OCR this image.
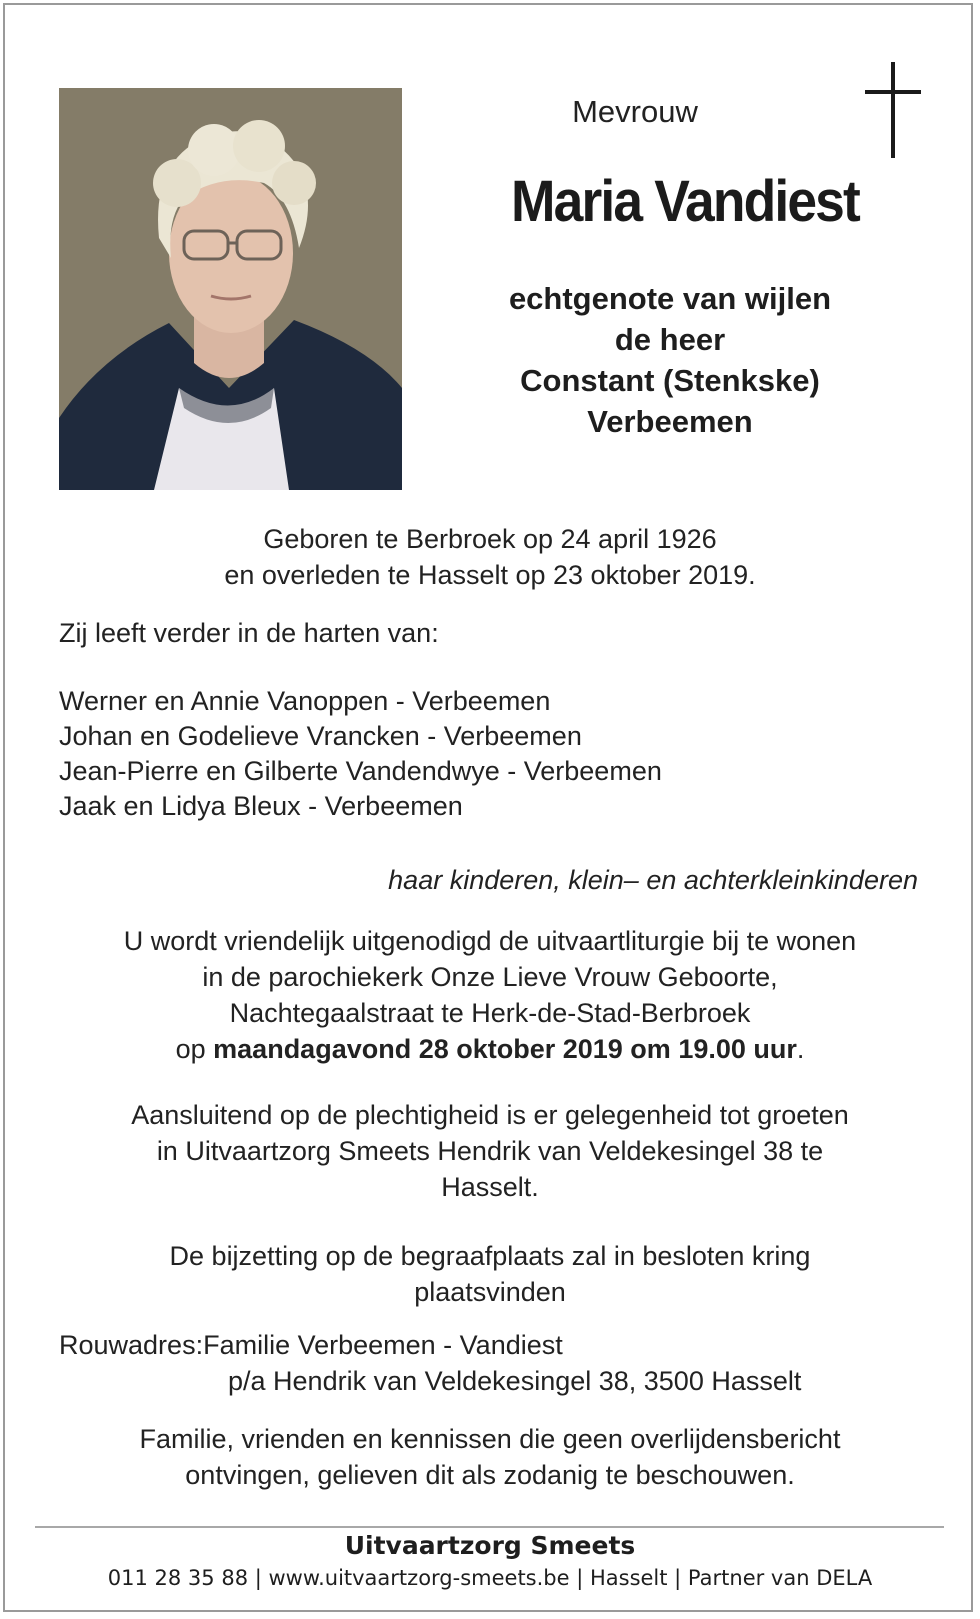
Mevrouw
Maria Vandiest
echtgenote van wijlen
de heer
Constant (Stenkske)
Verbeemen
Geboren te Berbroek op 24 april 1926
en overleden te Hasselt op 23 oktober 2019.
Zij leeft verder in de harten van:
Werner en Annie Vanoppen - Verbeemen
Johan en Godelieve Vrancken - Verbeemen
Jean-Pierre en Gilberte Vandendwye - Verbeemen
Jaak en Lidya Bleux - Verbeemen
haar kinderen, klein– en achterkleinkinderen
U wordt vriendelijk uitgenodigd de uitvaartliturgie bij te wonen
in de parochiekerk Onze Lieve Vrouw Geboorte,
Nachtegaalstraat te Herk-de-Stad-Berbroek
op maandagavond 28 oktober 2019 om 19.00 uur.
Aansluitend op de plechtigheid is er gelegenheid tot groeten
in Uitvaartzorg Smeets Hendrik van Veldekesingel 38 te
Hasselt.
De bijzetting op de begraafplaats zal in besloten kring
plaatsvinden
Rouwadres:Familie Verbeemen - Vandiest
p/a Hendrik van Veldekesingel 38, 3500 Hasselt
Familie, vrienden en kennissen die geen overlijdensbericht
ontvingen, gelieven dit als zodanig te beschouwen.
Uitvaartzorg Smeets
011 28 35 88 | www.uitvaartzorg-smeets.be | Hasselt | Partner van DELA
